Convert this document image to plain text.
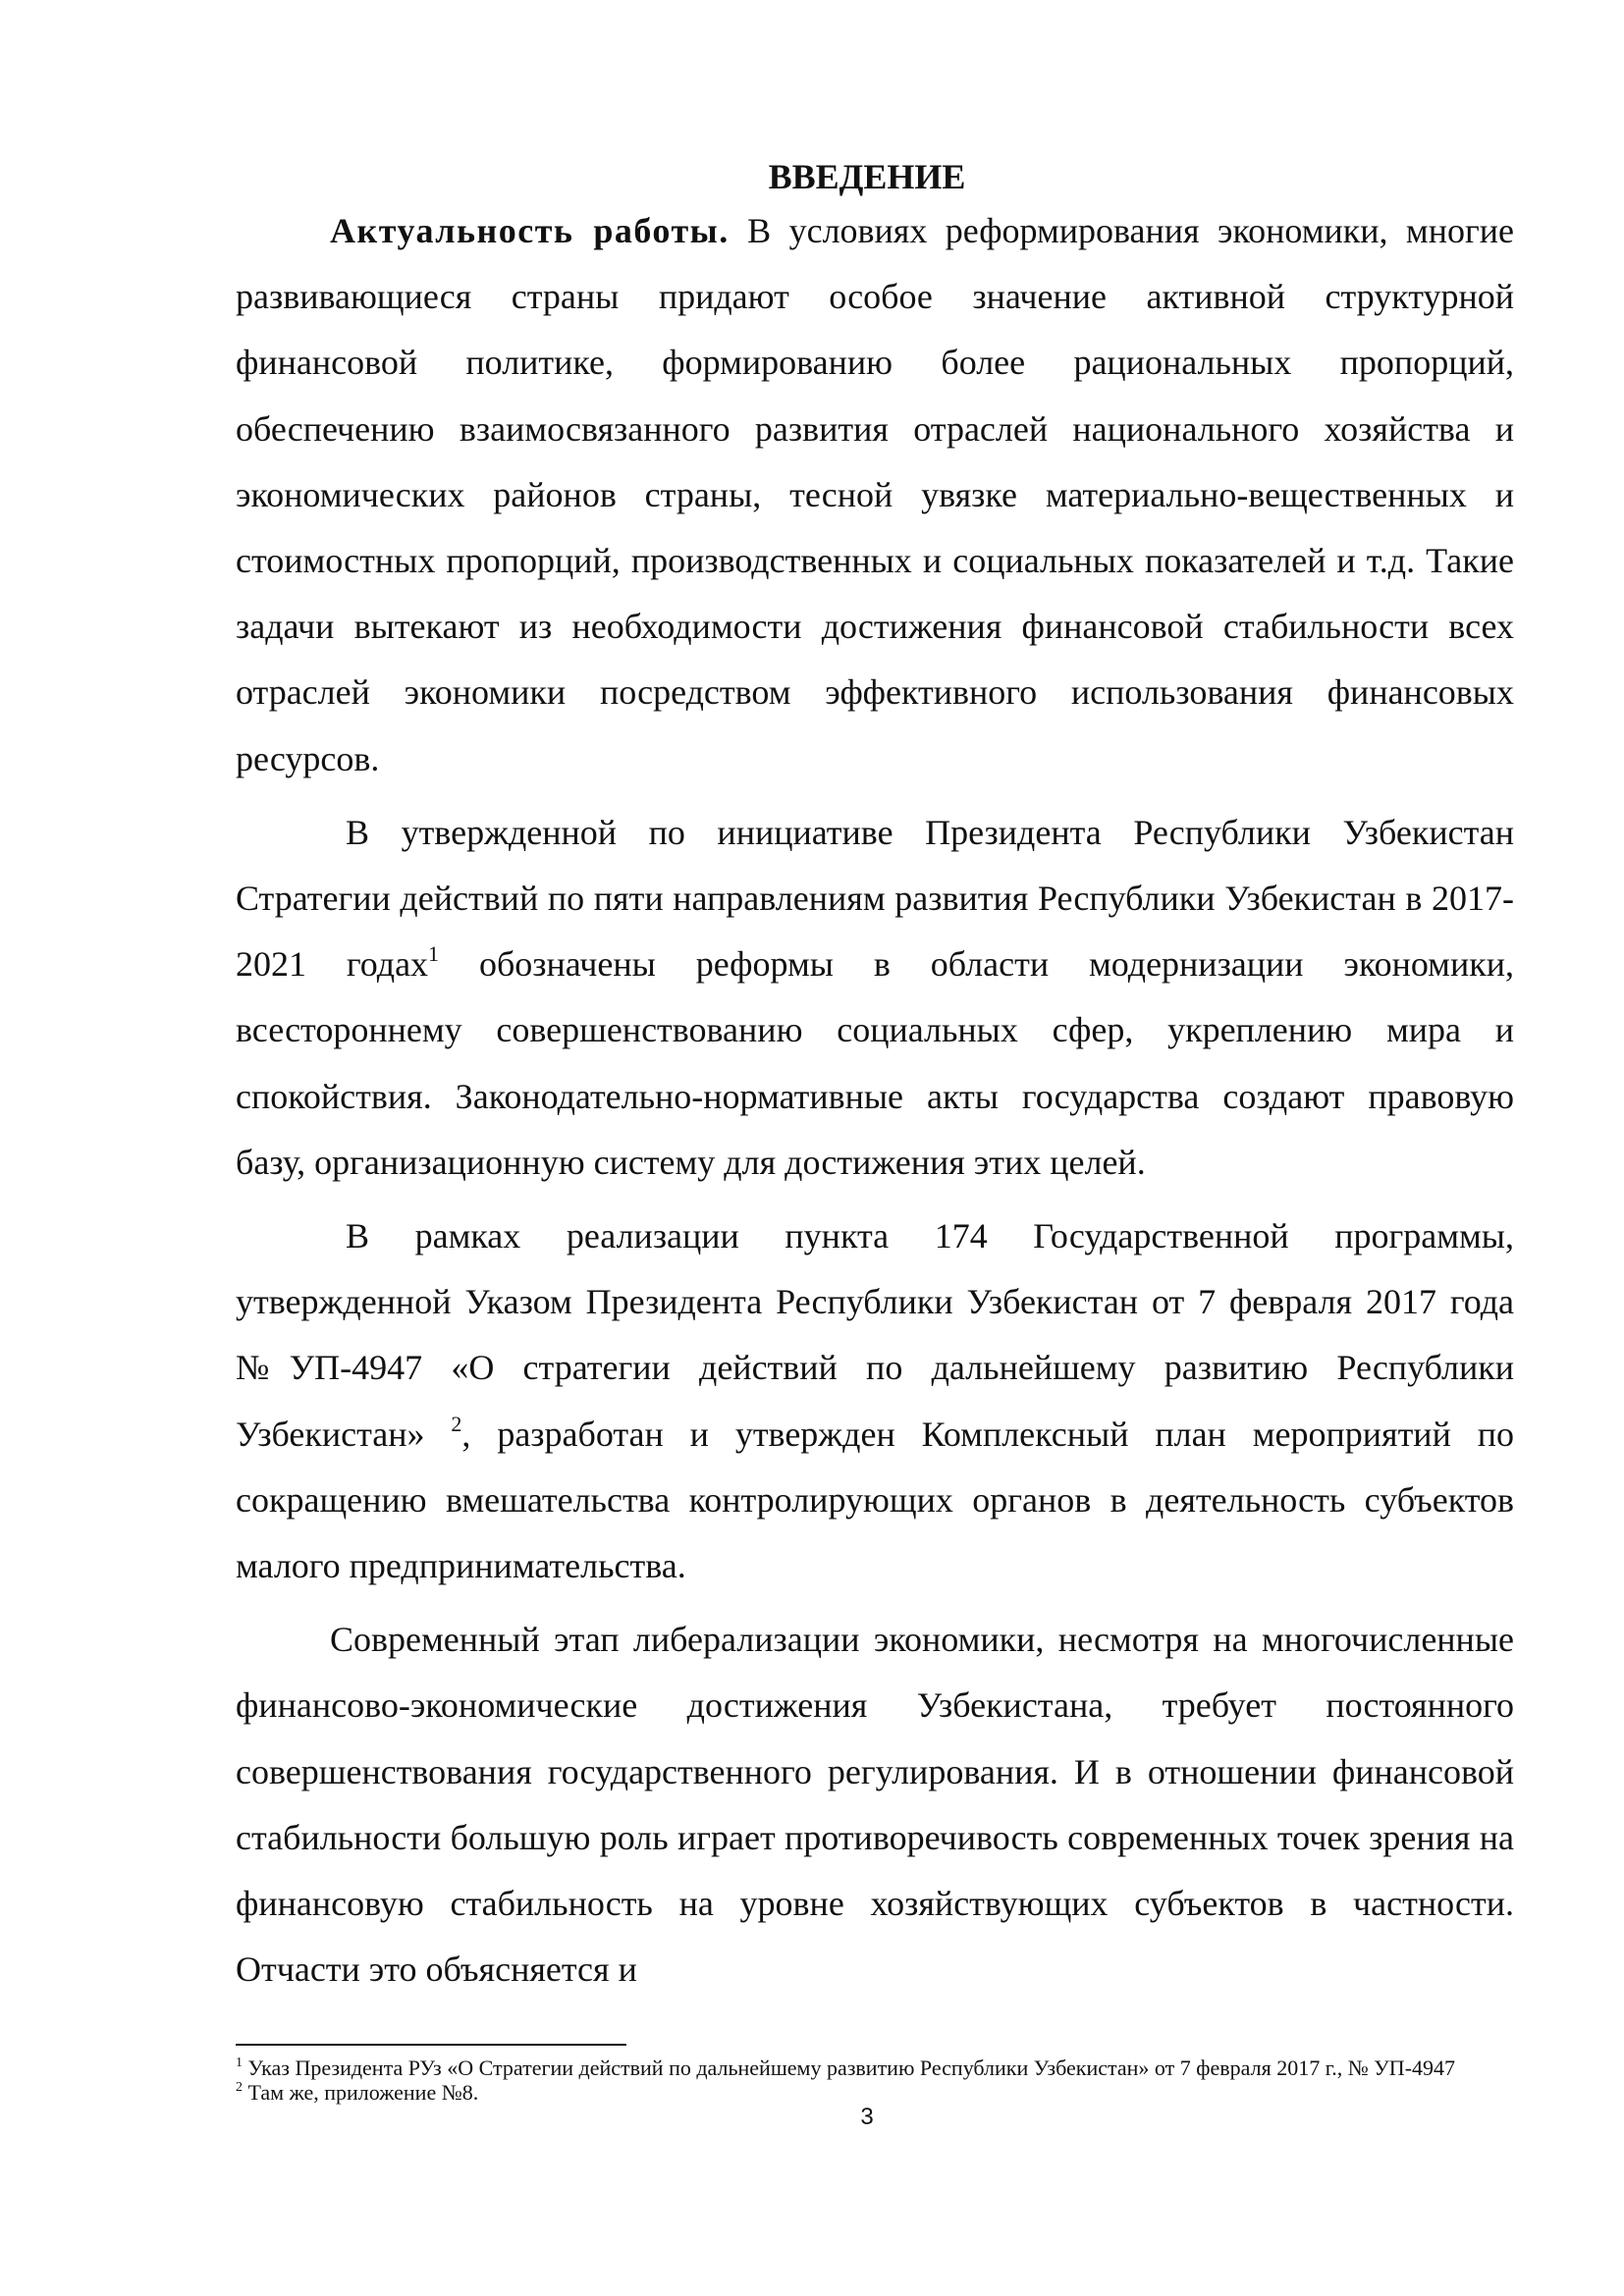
ВВЕДЕНИЕ

Актуальность работы. В условиях реформирования экономики, многие развивающиеся страны придают особое значение активной структурной финансовой политике, формированию более рациональных пропорций, обеспечению взаимосвязанного развития отраслей национального хозяйства и экономических районов страны, тесной увязке материально-вещественных и стоимостных пропорций, производственных и социальных показателей и т.д. Такие задачи вытекают из необходимости достижения финансовой стабильности всех отраслей экономики посредством эффективного использования финансовых ресурсов.

В утвержденной по инициативе Президента Республики Узбекистан Стратегии действий по пяти направлениям развития Республики Узбекистан в 2017-2021 годах$^1$ обозначены реформы в области модернизации экономики, всестороннему совершенствованию социальных сфер, укреплению мира и спокойствия. Законодательно-нормативные акты государства создают правовую базу, организационную систему для достижения этих целей.

В рамках реализации пункта 174 Государственной программы, утвержденной Указом Президента Республики Узбекистан от 7 февраля 2017 года №УП-4947 «О стратегии действий по дальнейшему развитию Республики Узбекистан» $^2$, разработан и утвержден Комплексный план мероприятий по сокращению вмешательства контролирующих органов в деятельность субъектов малого предпринимательства.

Современный этап либерализации экономики, несмотря на многочисленные финансово-экономические достижения Узбекистана, требует постоянного совершенствования государственного регулирования. И в отношении финансовой стабильности большую роль играет противоречивость современных точек зрения на финансовую стабильность на уровне хозяйствующих субъектов в частности. Отчасти это объясняется и

$^1$ Указ Президента РУз «О Стратегии действий по дальнейшему развитию Республики Узбекистан» от 7 февраля 2017 г., № УП-4947

$^2$ Там же, приложение №8.

3
